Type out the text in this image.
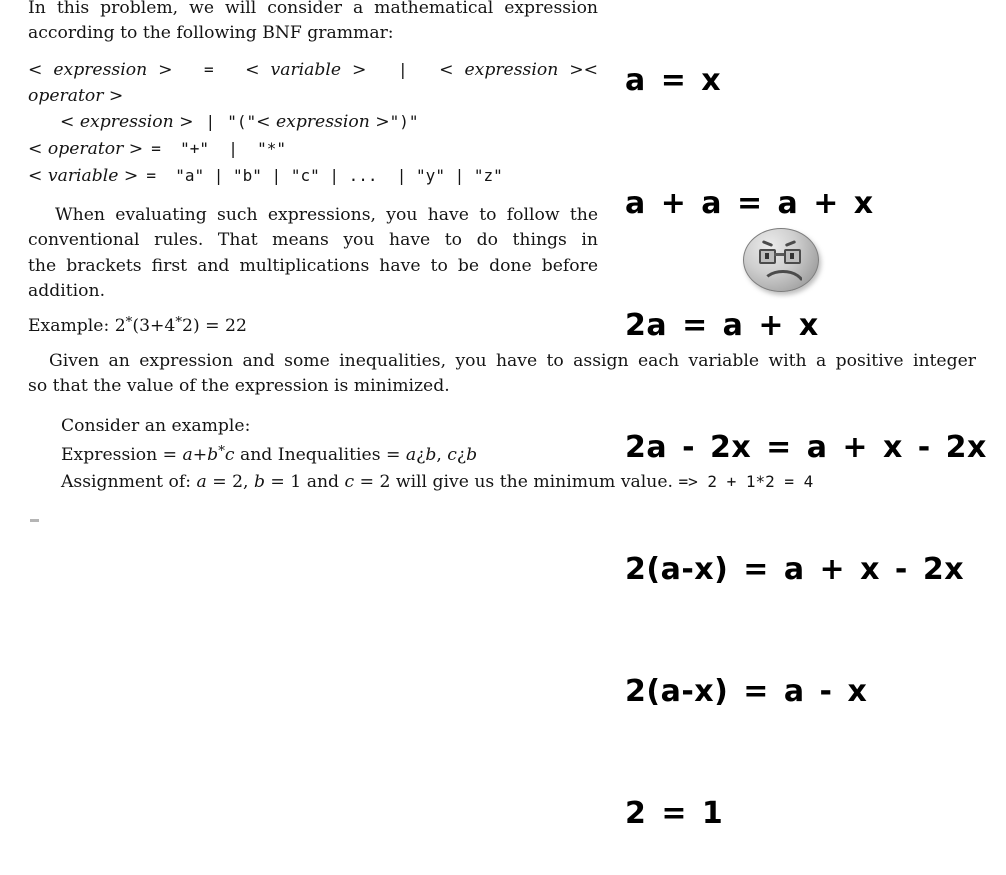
In this problem, we will consider a mathematical expression
according to the following BNF grammar:
<  expression  > = <  variable  > | <  expression  ><
operator >
< expression > | "("< expression >")"
< operator > =  "+"  |  "*"
< variable > =  "a" | "b" | "c" | ...  | "y" | "z"
When evaluating such expressions, you have to follow the
conventional rules. That means you have to do things in
the brackets first and multiplications have to be done before
addition.
Example: 2*(3+4*2) = 22

a = x

a + a = a + x

2a = a + x

2a - 2x = a + x - 2x

2(a-x) = a + x - 2x

2(a-x) = a - x

2 = 1

Given an expression and some inequalities, you have to assign each variable with a positive integer
so that the value of the expression is minimized.
Consider an example:
Expression = a+b*c and Inequalities = a¿b, c¿b
Assignment of: a = 2, b = 1 and c = 2 will give us the minimum value. => 2 + 1*2 = 4
